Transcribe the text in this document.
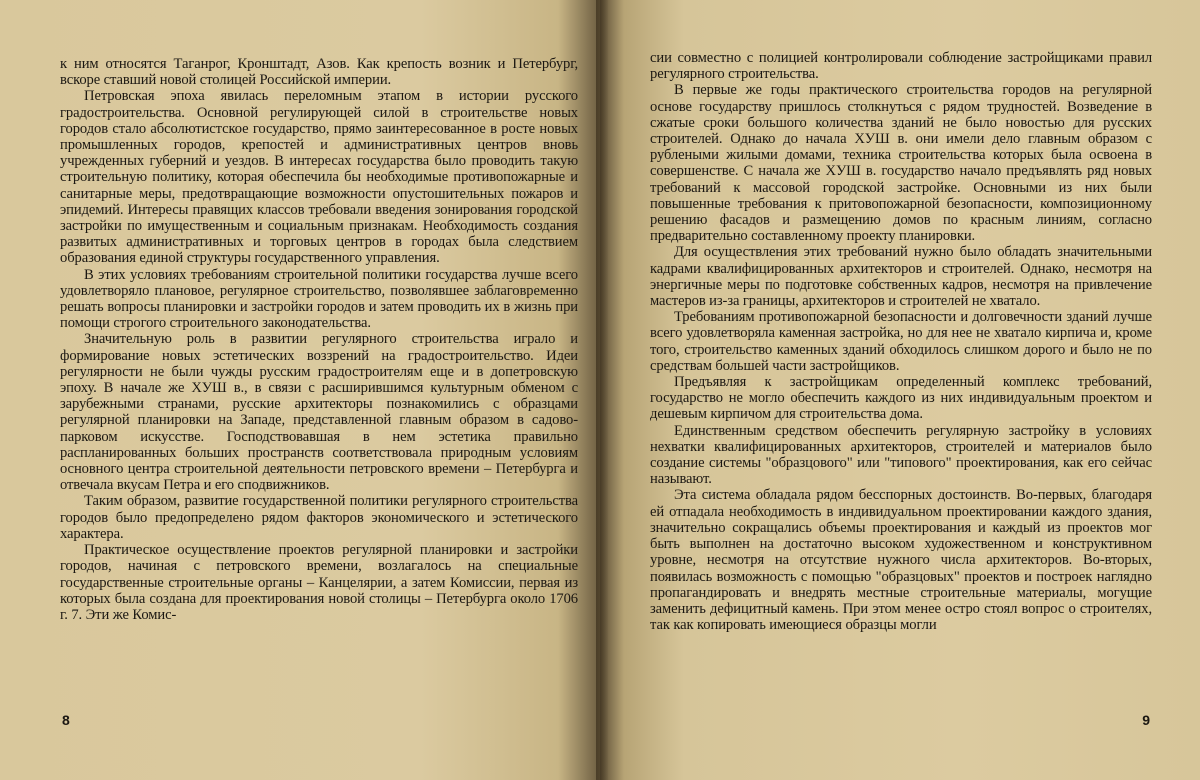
к ним относятся Таганрог, Кронштадт, Азов. Как крепость возник и Петербург, вскоре ставший новой столицей Российской империи.

Петровская эпоха явилась переломным этапом в истории русского градостроительства. Основной регулирующей силой в строительстве новых городов стало абсолютистское государство, прямо заинтересованное в росте новых промышленных городов, крепостей и административных центров вновь учрежденных губерний и уездов. В интересах государства было проводить такую строительную политику, которая обеспечила бы необходимые противопожарные и санитарные меры, предотвращающие возможности опустошительных пожаров и эпидемий. Интересы правящих классов требовали введения зонирования городской застройки по имущественным и социальным признакам. Необходимость создания развитых административных и торговых центров в городах была следствием образования единой структуры государственного управления.

В этих условиях требованиям строительной политики государства лучше всего удовлетворяло плановое, регулярное строительство, позволявшее заблаговременно решать вопросы планировки и застройки городов и затем проводить их в жизнь при помощи строгого строительного законодательства.

Значительную роль в развитии регулярного строительства играло и формирование новых эстетических воззрений на градостроительство. Идеи регулярности не были чужды русским градостроителям еще и в допетровскую эпоху. В начале же ХУШ в., в связи с расширившимся культурным обменом с зарубежными странами, русские архитекторы познакомились с образцами регулярной планировки на Западе, представленной главным образом в садово-парковом искусстве. Господствовавшая в нем эстетика правильно распланированных больших пространств соответствовала природным условиям основного центра строительной деятельности петровского времени – Петербурга и отвечала вкусам Петра и его сподвижников.

Таким образом, развитие государственной политики регулярного строительства городов было предопределено рядом факторов экономического и эстетического характера.

Практическое осуществление проектов регулярной планировки и застройки городов, начиная с петровского времени, возлагалось на специальные государственные строительные органы – Канцелярии, а затем Комиссии, первая из которых была создана для проектирования новой столицы – Петербурга около 1706 г. 7. Эти же Комис-

8

сии совместно с полицией контролировали соблюдение застройщиками правил регулярного строительства.

В первые же годы практического строительства городов на регулярной основе государству пришлось столкнуться с рядом трудностей. Возведение в сжатые сроки большого количества зданий не было новостью для русских строителей. Однако до начала ХУШ в. они имели дело главным образом с рублеными жилыми домами, техника строительства которых была освоена в совершенстве. С начала же ХУШ в. государство начало предъявлять ряд новых требований к массовой городской застройке. Основными из них были повышенные требования к притовопожарной безопасности, композиционному решению фасадов и размещению домов по красным линиям, согласно предварительно составленному проекту планировки.

Для осуществления этих требований нужно было обладать значительными кадрами квалифицированных архитекторов и строителей. Однако, несмотря на энергичные меры по подготовке собственных кадров, несмотря на привлечение мастеров из-за границы, архитекторов и строителей не хватало.

Требованиям противопожарной безопасности и долговечности зданий лучше всего удовлетворяла каменная застройка, но для нее не хватало кирпича и, кроме того, строительство каменных зданий обходилось слишком дорого и было не по средствам большей части застройщиков.

Предъявляя к застройщикам определенный комплекс требований, государство не могло обеспечить каждого из них индивидуальным проектом и дешевым кирпичом для строительства дома.

Единственным средством обеспечить регулярную застройку в условиях нехватки квалифицированных архитекторов, строителей и материалов было создание системы "образцового" или "типового" проектирования, как его сейчас называют.

Эта система обладала рядом бесспорных достоинств. Во-первых, благодаря ей отпадала необходимость в индивидуальном проектировании каждого здания, значительно сокращались объемы проектирования и каждый из проектов мог быть выполнен на достаточно высоком художественном и конструктивном уровне, несмотря на отсутствие нужного числа архитекторов. Во-вторых, появилась возможность с помощью "образцовых" проектов и построек наглядно пропагандировать и внедрять местные строительные материалы, могущие заменить дефицитный камень. При этом менее остро стоял вопрос о строителях, так как копировать имеющиеся образцы могли

9
